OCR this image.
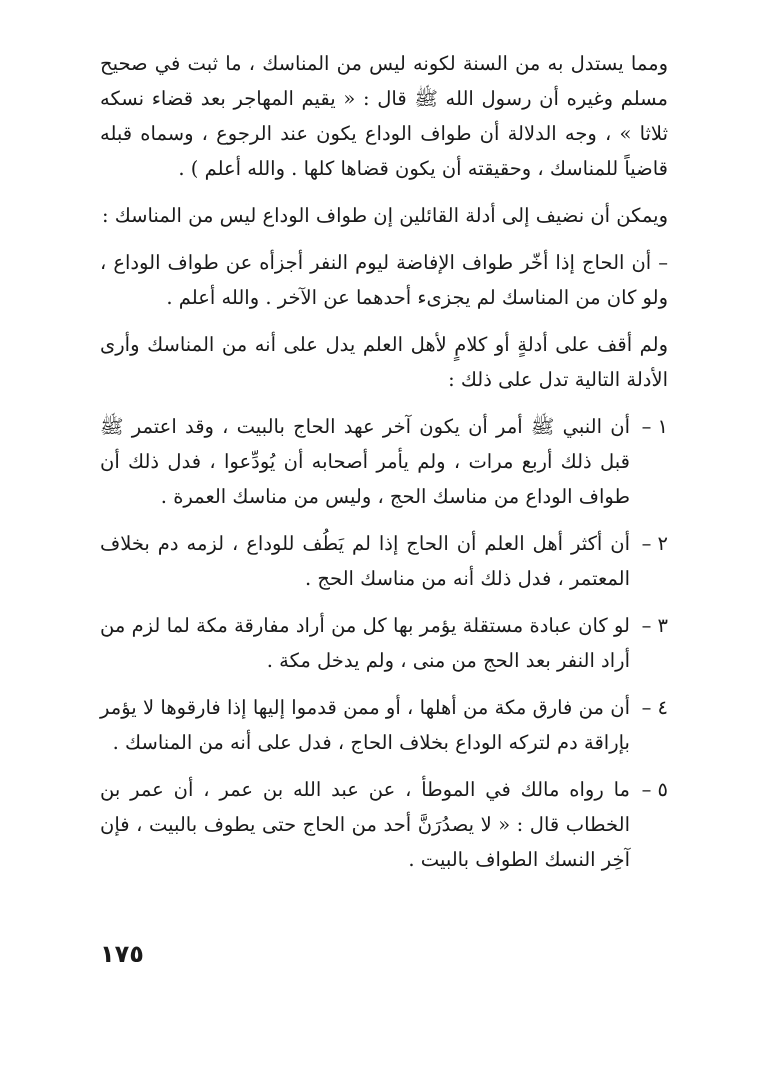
ومما يستدل به من السنة لكونه ليس من المناسك ، ما ثبت في صحيح مسلم وغيره أن رسول الله ﷺ قال : « يقيم المهاجر بعد قضاء نسكه ثلاثا » ، وجه الدلالة أن طواف الوداع يكون عند الرجوع ، وسماه قبله قاضياً للمناسك ، وحقيقته أن يكون قضاها كلها . والله أعلم ) .

ويمكن أن نضيف إلى أدلة القائلين إن طواف الوداع ليس من المناسك :

– أن الحاج إذا أخّر طواف الإفاضة ليوم النفر أجزأه عن طواف الوداع ، ولو كان من المناسك لم يجزىء أحدهما عن الآخر . والله أعلم .

ولم أقف على أدلةٍ أو كلامٍ لأهل العلم يدل على أنه من المناسك وأرى الأدلة التالية تدل على ذلك :

١ –
أن النبي ﷺ أمر أن يكون آخر عهد الحاج بالبيت ، وقد اعتمر ﷺ قبل ذلك أربع مرات ، ولم يأمر أصحابه أن يُودِّعوا ، فدل ذلك أن طواف الوداع من مناسك الحج ، وليس من مناسك العمرة .
٢ –
أن أكثر أهل العلم أن الحاج إذا لم يَطُف للوداع ، لزمه دم بخلاف المعتمر ، فدل ذلك أنه من مناسك الحج .
٣ –
لو كان عبادة مستقلة يؤمر بها كل من أراد مفارقة مكة لما لزم من أراد النفر بعد الحج من منى ، ولم يدخل مكة .
٤ –
أن من فارق مكة من أهلها ، أو ممن قدموا إليها إذا فارقوها لا يؤمر بإراقة دم لتركه الوداع بخلاف الحاج ، فدل على أنه من المناسك .
٥ –
ما رواه مالك في الموطأ ، عن عبد الله بن عمر ، أن عمر بن الخطاب قال : « لا يصدُرَنَّ أحد من الحاج حتى يطوف بالبيت ، فإن آخِر النسك الطواف بالبيت .
١٧٥
